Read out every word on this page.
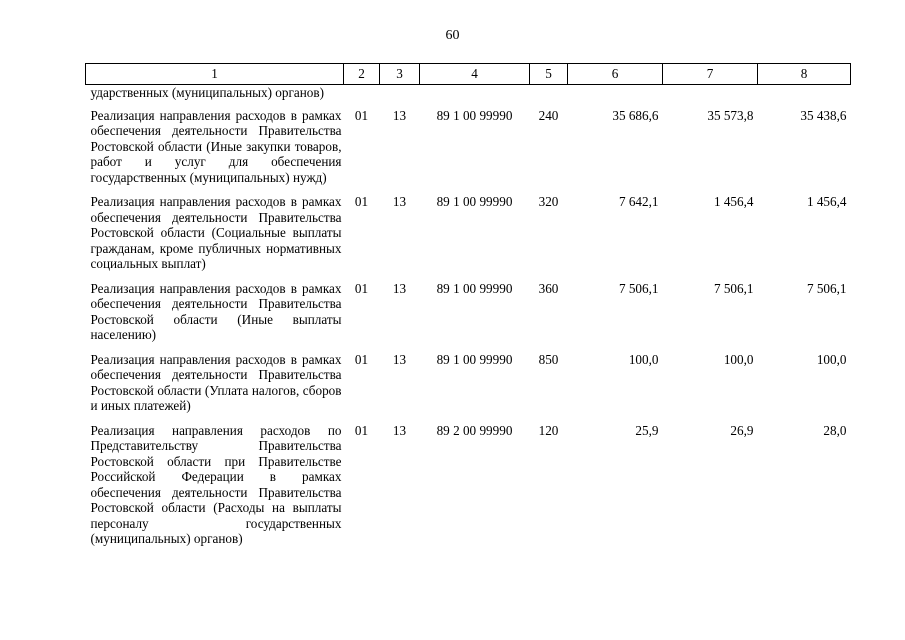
60
1	2	3	4	5	6	7	8
ударственных (муниципальных) органов)							
Реализация направления расходов в рамках обеспечения деятельности Правительства Ростовской области (Иные закупки товаров, работ и услуг для обеспечения государственных (муниципальных) нужд)	01	13	89 1 00 99990	240	35 686,6	35 573,8	35 438,6
Реализация направления расходов в рамках обеспечения деятельности Правительства Ростовской области (Социальные выплаты гражданам, кроме публичных нормативных социальных выплат)	01	13	89 1 00 99990	320	7 642,1	1 456,4	1 456,4
Реализация направления расходов в рамках обеспечения деятельности Правительства Ростовской области (Иные выплаты населению)	01	13	89 1 00 99990	360	7 506,1	7 506,1	7 506,1
Реализация направления расходов в рамках обеспечения деятельности Правительства Ростовской области (Уплата налогов, сборов и иных платежей)	01	13	89 1 00 99990	850	100,0	100,0	100,0
Реализация направления расходов по Представительству Правительства Ростовской области при Правительстве Российской Федерации в рамках обеспечения деятельности Правительства Ростовской области (Расходы на выплаты персоналу государственных (муниципальных) органов)	01	13	89 2 00 99990	120	25,9	26,9	28,0
